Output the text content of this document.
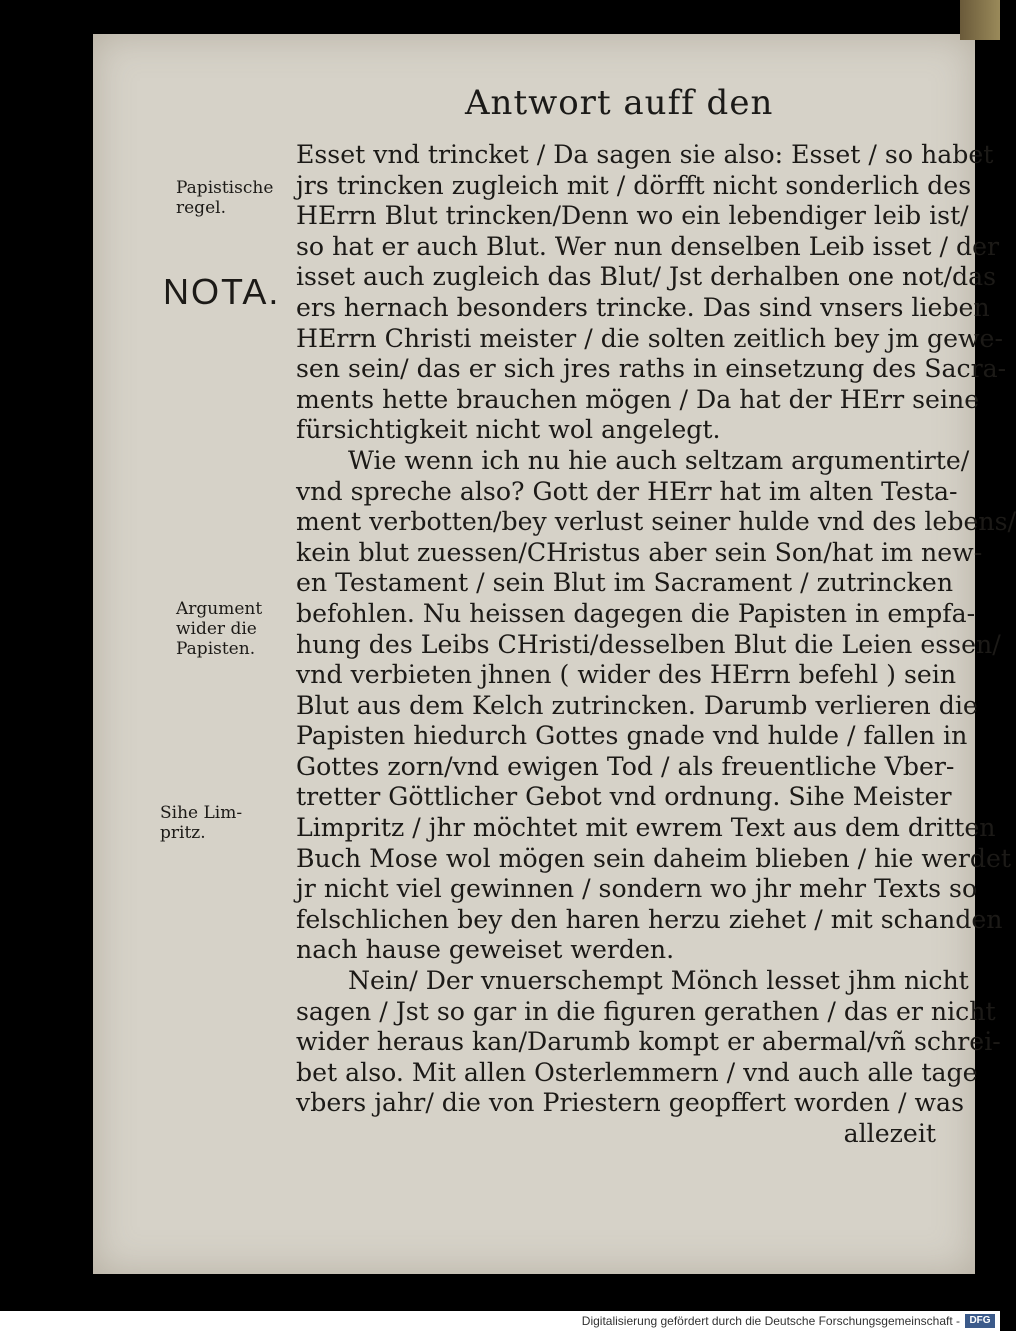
Antwort auff den
Papistische
regel.
NOTA.
Argument
wider die
Papisten.
Sihe Lim-
pritz.
Esset vnd trincket / Da sagen sie also: Esset / so habet
jrs trincken zugleich mit / dörfft nicht sonderlich des
HErrn Blut trincken/Denn wo ein lebendiger leib ist/
so hat er auch Blut. Wer nun denselben Leib isset / der
isset auch zugleich das Blut/ Jst derhalben one not/das
ers hernach besonders trincke. Das sind vnsers lieben
HErrn Christi meister / die solten zeitlich bey jm gewe-
sen sein/ das er sich jres raths in einsetzung des Sacra-
ments hette brauchen mögen / Da hat der HErr seine
fürsichtigkeit nicht wol angelegt.
Wie wenn ich nu hie auch seltzam argumentirte/
vnd spreche also? Gott der HErr hat im alten Testa-
ment verbotten/bey verlust seiner hulde vnd des lebens/
kein blut zuessen/CHristus aber sein Son/hat im new-
en Testament / sein Blut im Sacrament / zutrincken
befohlen. Nu heissen dagegen die Papisten in empfa-
hung des Leibs CHristi/desselben Blut die Leien essen/
vnd verbieten jhnen ( wider des HErrn befehl ) sein
Blut aus dem Kelch zutrincken. Darumb verlieren die
Papisten hiedurch Gottes gnade vnd hulde / fallen in
Gottes zorn/vnd ewigen Tod / als freuentliche Vber-
tretter Göttlicher Gebot vnd ordnung. Sihe Meister
Limpritz / jhr möchtet mit ewrem Text aus dem dritten
Buch Mose wol mögen sein daheim blieben / hie werdet
jr nicht viel gewinnen / sondern wo jhr mehr Texts so
felschlichen bey den haren herzu ziehet / mit schanden
nach hause geweiset werden.
Nein/ Der vnuerschempt Mönch lesset jhm nicht
sagen / Jst so gar in die figuren gerathen / das er nicht
wider heraus kan/Darumb kompt er abermal/vñ schrei-
bet also. Mit allen Osterlemmern / vnd auch alle tage
vbers jahr/ die von Priestern geopffert worden / was
allezeit
Digitalisierung gefördert durch die Deutsche Forschungsgemeinschaft - DFG
